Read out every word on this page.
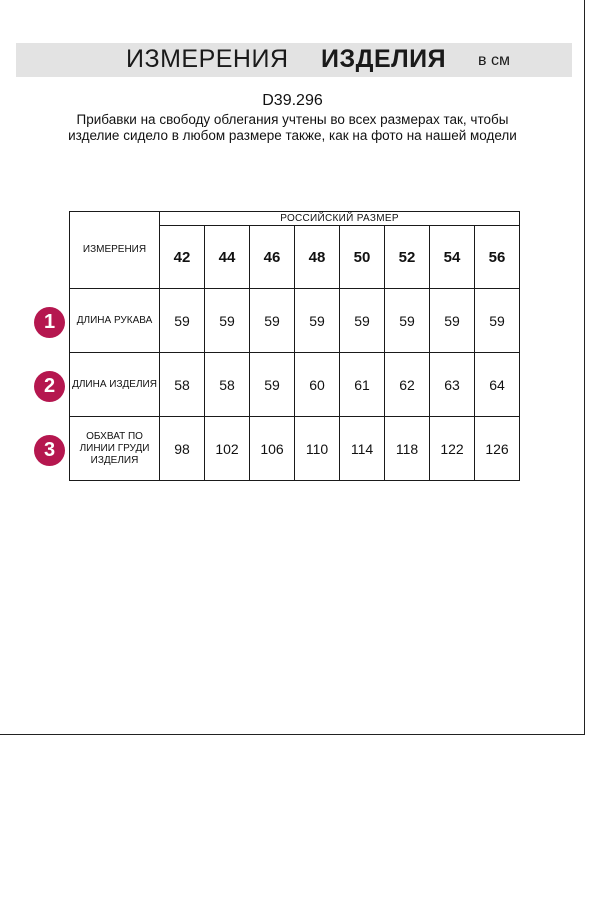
ИЗМЕРЕНИЯ ИЗДЕЛИЯ в см
D39.296
Прибавки на свободу облегания учтены во всех размерах так, чтобы изделие сидело в любом размере также, как на фото на нашей модели
ИЗМЕРЕНИЯ	РОССИЙСКИЙ РАЗМЕР							
	42	44	46	48	50	52	54	56
ДЛИНА РУКАВА	59	59	59	59	59	59	59	59
ДЛИНА ИЗДЕЛИЯ	58	58	59	60	61	62	63	64
ОБХВАТ ПО ЛИНИИ ГРУДИ ИЗДЕЛИЯ	98	102	106	110	114	118	122	126
1
2
3
